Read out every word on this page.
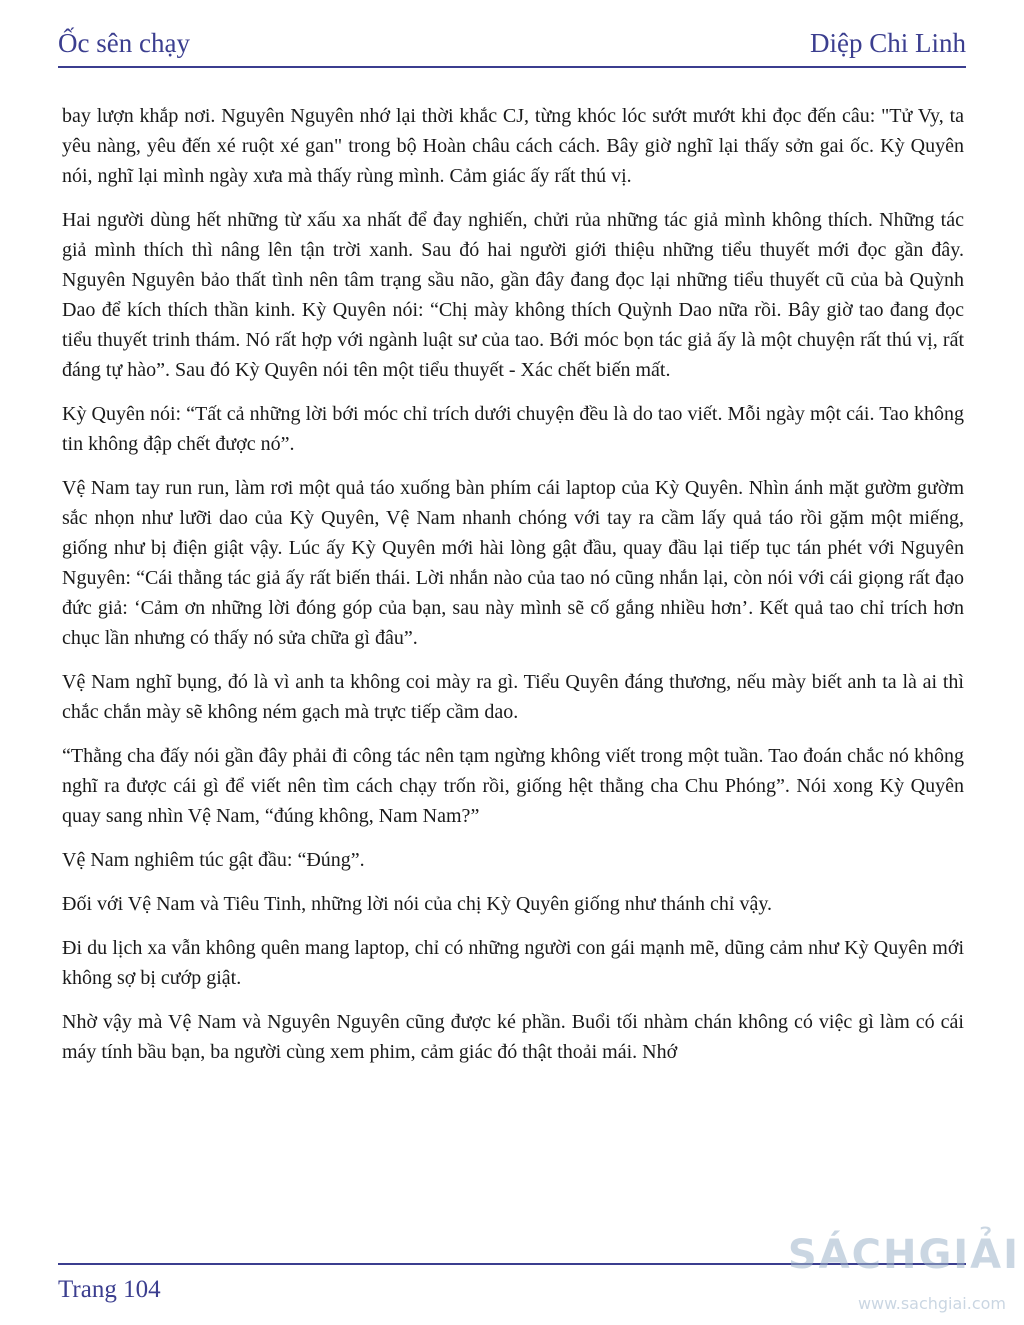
Ốc sên chạy	Diệp Chi Linh

bay lượn khắp nơi. Nguyên Nguyên nhớ lại thời khắc CJ, từng khóc lóc sướt mướt khi đọc đến câu: "Tử Vy, ta yêu nàng, yêu đến xé ruột xé gan" trong bộ Hoàn châu cách cách. Bây giờ nghĩ lại thấy sởn gai ốc. Kỳ Quyên nói, nghĩ lại mình ngày xưa mà thấy rùng mình. Cảm giác ấy rất thú vị.

Hai người dùng hết những từ xấu xa nhất để đay nghiến, chửi rủa những tác giả mình không thích. Những tác giả mình thích thì nâng lên tận trời xanh. Sau đó hai người giới thiệu những tiểu thuyết mới đọc gần đây. Nguyên Nguyên bảo thất tình nên tâm trạng sầu não, gần đây đang đọc lại những tiểu thuyết cũ của bà Quỳnh Dao để kích thích thần kinh. Kỳ Quyên nói: “Chị mày không thích Quỳnh Dao nữa rồi. Bây giờ tao đang đọc tiểu thuyết trinh thám. Nó rất hợp với ngành luật sư của tao. Bới móc bọn tác giả ấy là một chuyện rất thú vị, rất đáng tự hào”. Sau đó Kỳ Quyên nói tên một tiểu thuyết - Xác chết biến mất.

Kỳ Quyên nói: “Tất cả những lời bới móc chỉ trích dưới chuyện đều là do tao viết. Mỗi ngày một cái. Tao không tin không đập chết được nó”.

Vệ Nam tay run run, làm rơi một quả táo xuống bàn phím cái laptop của Kỳ Quyên. Nhìn ánh mặt gườm gườm sắc nhọn như lưỡi dao của Kỳ Quyên, Vệ Nam nhanh chóng với tay ra cầm lấy quả táo rồi gặm một miếng, giống như bị điện giật vậy. Lúc ấy Kỳ Quyên mới hài lòng gật đầu, quay đầu lại tiếp tục tán phét với Nguyên Nguyên: “Cái thằng tác giả ấy rất biến thái. Lời nhắn nào của tao nó cũng nhắn lại, còn nói với cái giọng rất đạo đức giả: ‘Cảm ơn những lời đóng góp của bạn, sau này mình sẽ cố gắng nhiều hơn’. Kết quả tao chỉ trích hơn chục lần nhưng có thấy nó sửa chữa gì đâu”.

Vệ Nam nghĩ bụng, đó là vì anh ta không coi mày ra gì. Tiểu Quyên đáng thương, nếu mày biết anh ta là ai thì chắc chắn mày sẽ không ném gạch mà trực tiếp cầm dao.

“Thằng cha đấy nói gần đây phải đi công tác nên tạm ngừng không viết trong một tuần. Tao đoán chắc nó không nghĩ ra được cái gì để viết nên tìm cách chạy trốn rồi, giống hệt thằng cha Chu Phóng”. Nói xong Kỳ Quyên quay sang nhìn Vệ Nam, “đúng không, Nam Nam?”

Vệ Nam nghiêm túc gật đầu: “Đúng”.

Đối với Vệ Nam và Tiêu Tinh, những lời nói của chị Kỳ Quyên giống như thánh chỉ vậy.

Đi du lịch xa vẫn không quên mang laptop, chỉ có những người con gái mạnh mẽ, dũng cảm như Kỳ Quyên mới không sợ bị cướp giật.

Nhờ vậy mà Vệ Nam và Nguyên Nguyên cũng được ké phần. Buổi tối nhàm chán không có việc gì làm có cái máy tính bầu bạn, ba người cùng xem phim, cảm giác đó thật thoải mái. Nhớ

Trang 104
SÁCHGIẢI
www.sachgiai.com
